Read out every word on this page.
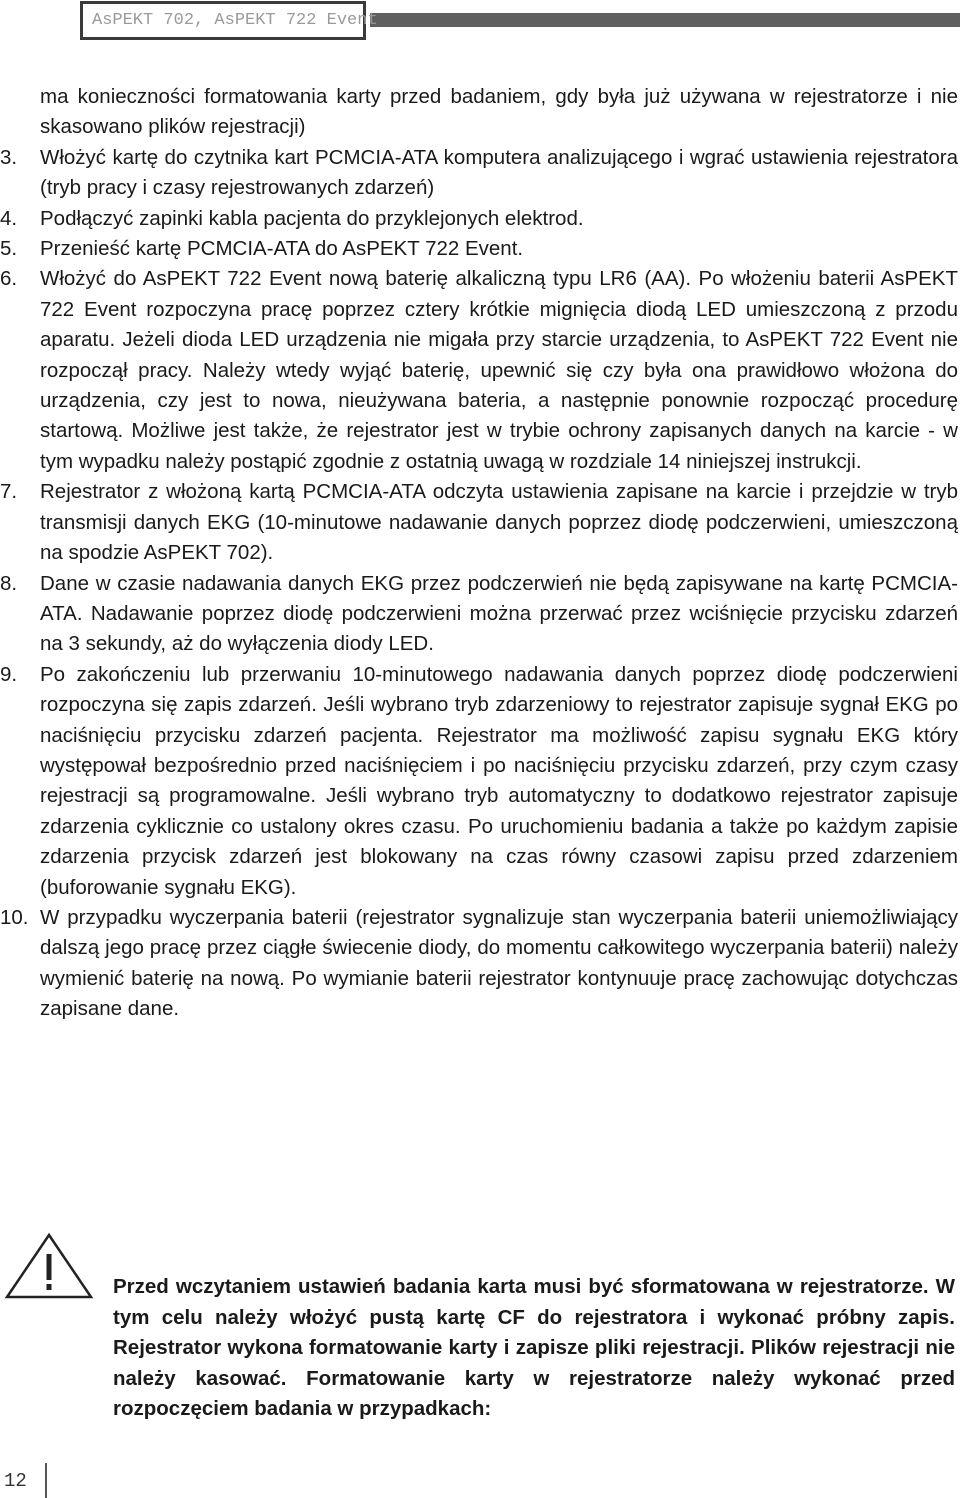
AsPEKT 702, AsPEKT 722 Event
ma konieczności formatowania karty przed badaniem, gdy była już używana w rejestratorze i nie skasowano plików rejestracji)
3.	Włożyć kartę do czytnika kart PCMCIA-ATA komputera analizującego i wgrać ustawienia rejestratora (tryb pracy i czasy rejestrowanych zdarzeń)
4.	Podłączyć zapinki kabla pacjenta do przyklejonych elektrod.
5.	Przenieść kartę PCMCIA-ATA do AsPEKT 722 Event.
6.	Włożyć do AsPEKT 722 Event nową baterię alkaliczną typu LR6 (AA). Po włożeniu baterii AsPEKT 722 Event rozpoczyna pracę poprzez cztery krótkie mignięcia diodą LED umieszczoną z przodu aparatu. Jeżeli dioda LED urządzenia nie migała przy starcie urządzenia, to AsPEKT 722 Event nie rozpoczął pracy. Należy wtedy wyjąć baterię, upewnić się czy była ona prawidłowo włożona do urządzenia, czy jest to nowa, nieużywana bateria, a następnie ponownie rozpocząć procedurę startową. Możliwe jest także, że rejestrator jest w trybie ochrony zapisanych danych na karcie - w tym wypadku należy postąpić zgodnie z ostatnią uwagą w rozdziale 14 niniejszej instrukcji.
7.	Rejestrator z włożoną kartą PCMCIA-ATA odczyta ustawienia zapisane na karcie i przejdzie w tryb transmisji danych EKG (10-minutowe nadawanie danych poprzez diodę podczerwieni, umieszczoną na spodzie AsPEKT 702).
8.	Dane w czasie nadawania danych EKG przez podczerwień nie będą zapisywane na kartę PCMCIA-ATA. Nadawanie poprzez diodę podczerwieni można przerwać przez wciśnięcie przycisku zdarzeń na 3 sekundy, aż do wyłączenia diody LED.
9.	Po zakończeniu lub przerwaniu 10-minutowego nadawania danych poprzez diodę podczerwieni rozpoczyna się zapis zdarzeń. Jeśli wybrano tryb zdarzeniowy to rejestrator zapisuje sygnał EKG po naciśnięciu przycisku zdarzeń pacjenta. Rejestrator ma możliwość zapisu sygnału EKG który występował bezpośrednio przed naciśnięciem i po naciśnięciu przycisku zdarzeń, przy czym czasy rejestracji są programowalne. Jeśli wybrano tryb automatyczny to dodatkowo rejestrator zapisuje zdarzenia cyklicznie co ustalony okres czasu. Po uruchomieniu badania a także po każdym zapisie zdarzenia przycisk zdarzeń jest blokowany na czas równy czasowi zapisu przed zdarzeniem (buforowanie sygnału EKG).
10. W przypadku wyczerpania baterii (rejestrator sygnalizuje stan wyczerpania baterii uniemożliwiający dalszą jego pracę przez ciągłe świecenie diody, do momentu całkowitego wyczerpania baterii) należy wymienić baterię na nową. Po wymianie baterii rejestrator kontynuuje pracę zachowując dotychczas zapisane dane.
Przed wczytaniem ustawień badania karta musi być sformatowana w rejestratorze. W tym celu należy włożyć pustą kartę CF do rejestratora i wykonać próbny zapis. Rejestrator wykona formatowanie karty i zapisze pliki rejestracji. Plików rejestracji nie należy kasować. Formatowanie karty w rejestratorze należy wykonać przed rozpoczęciem badania w przypadkach:
12
